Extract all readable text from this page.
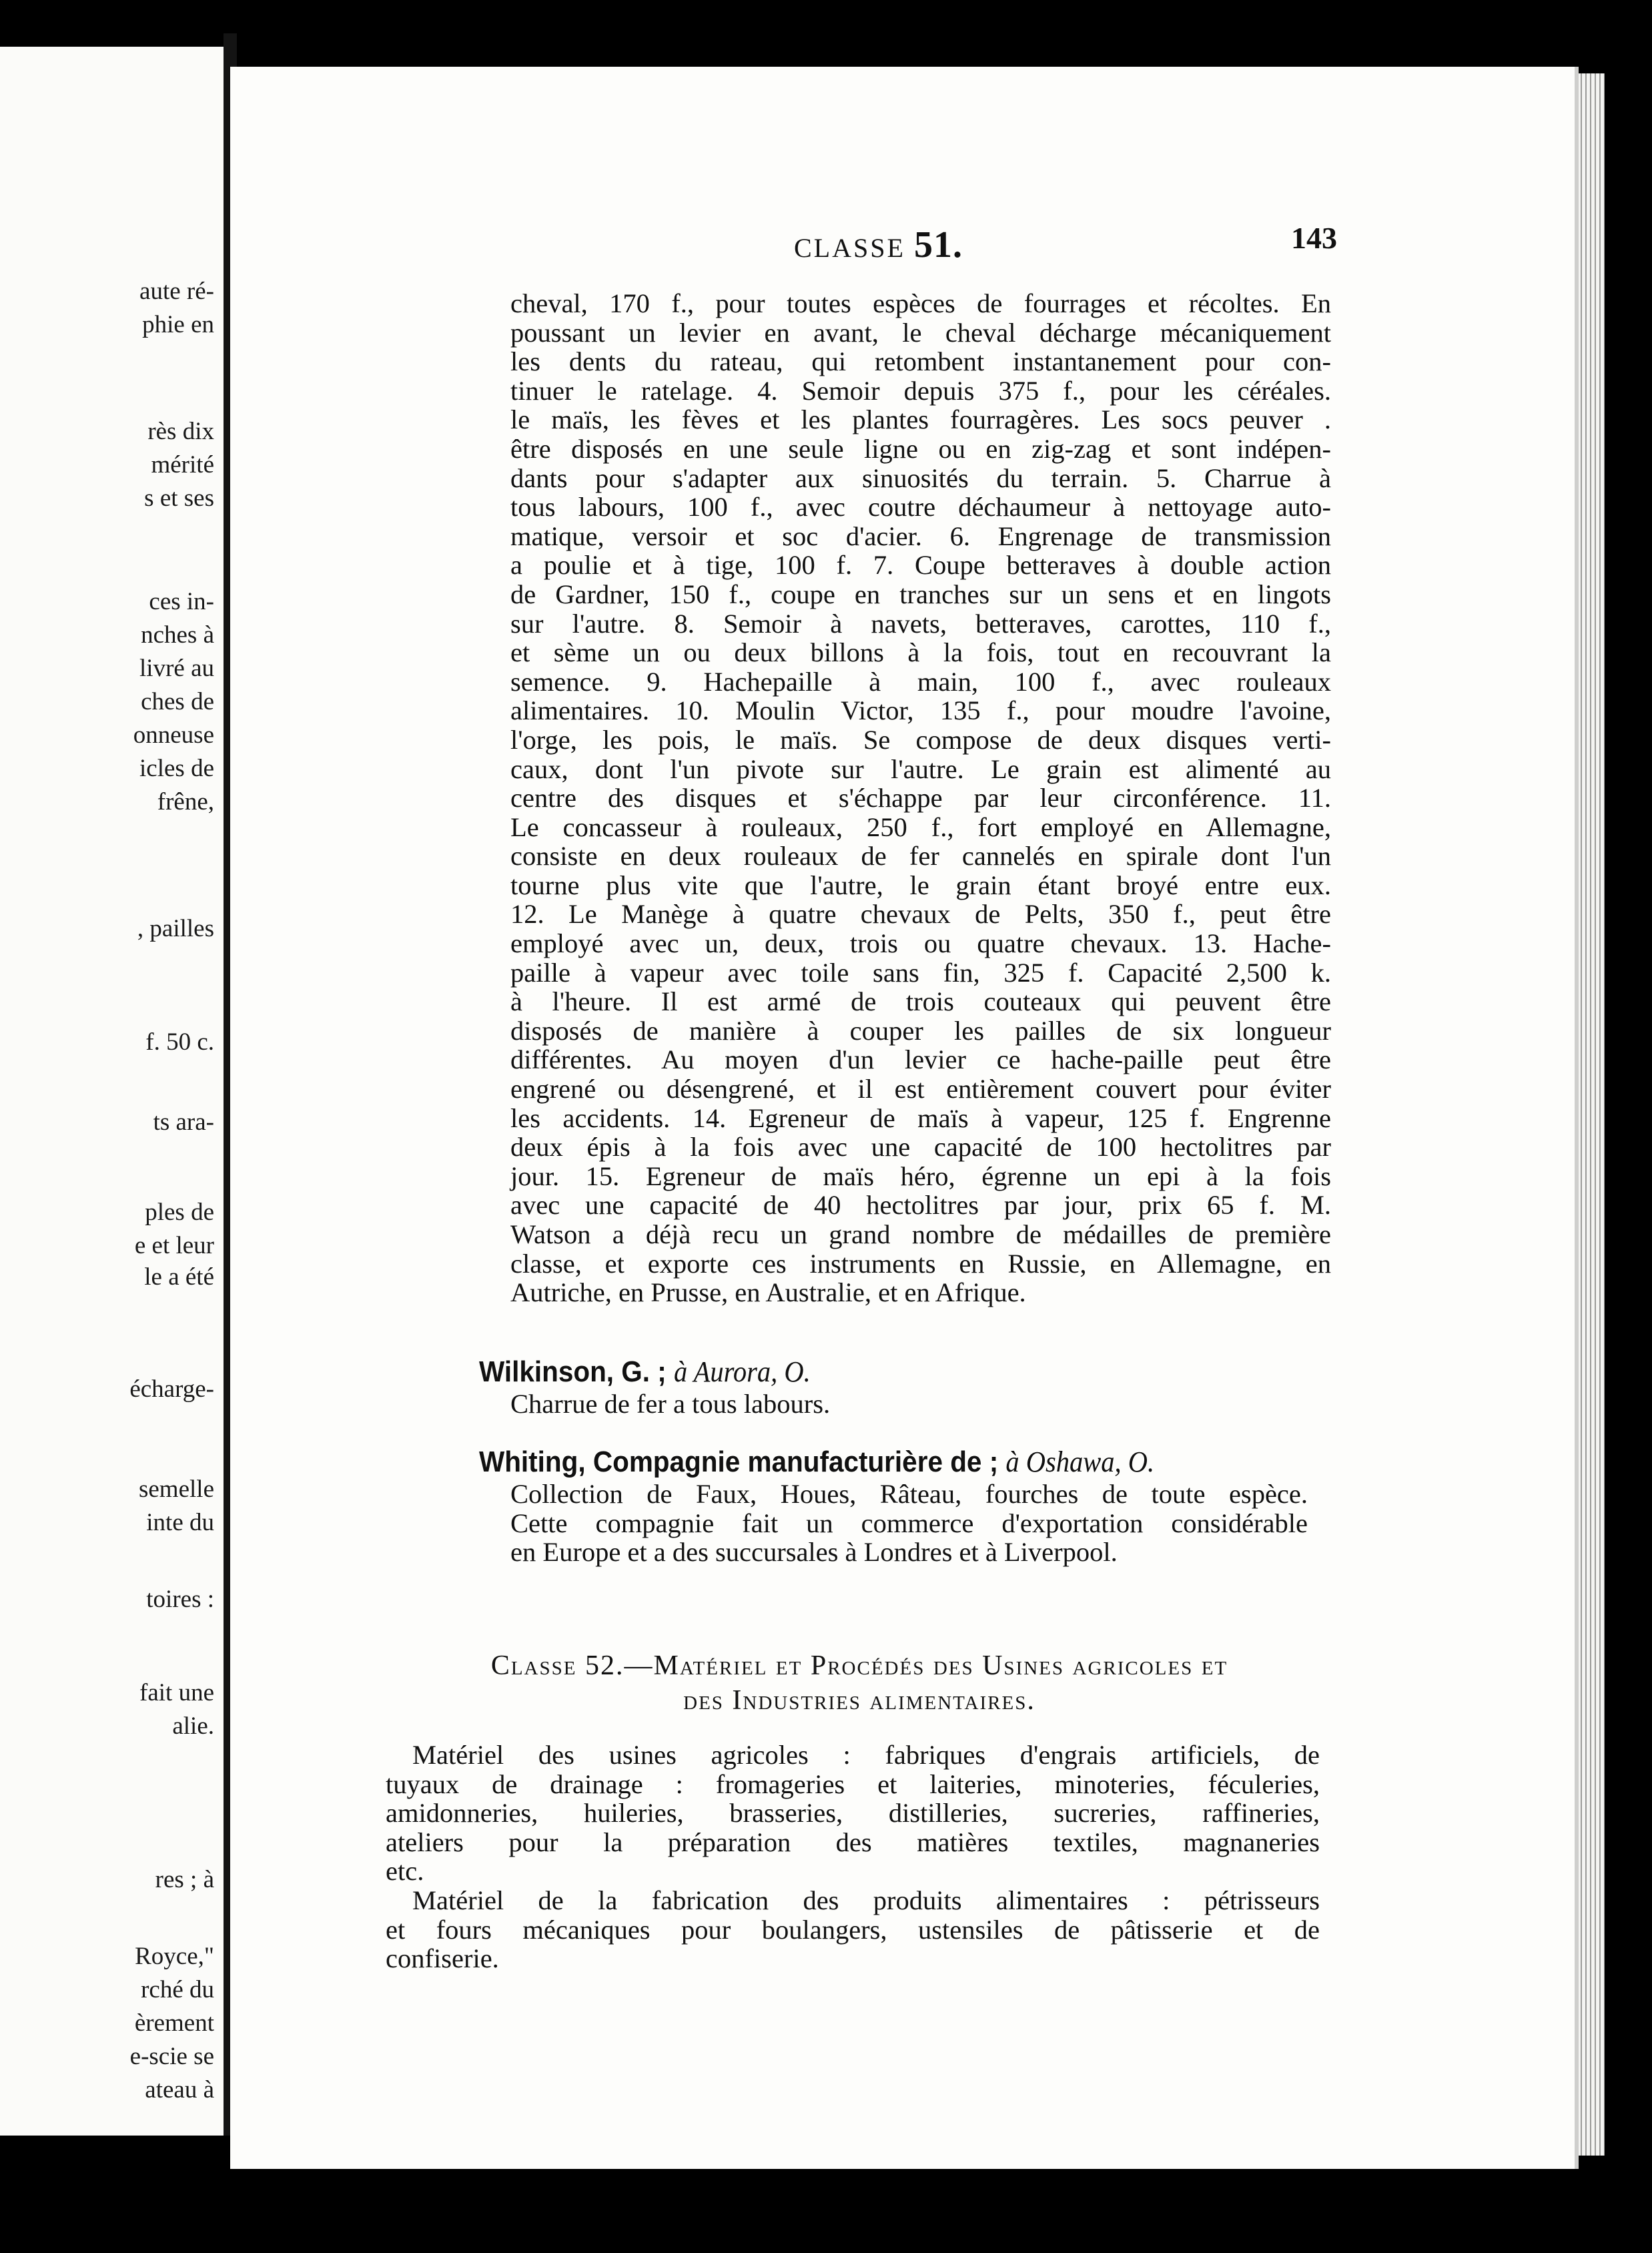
aute ré-
phie en
rès dix
mérité
s et ses
ces in-
nches à
livré au
ches de
onneuse
icles de
frêne,
, pailles
f. 50 c.
ts ara-
ples de
e et leur
le a été
écharge-
semelle
inte du
toires :
fait une
alie.
res ; à
Royce,"
rché du
èrement
e-scie se
ateau à
CLASSE 51.	143
cheval, 170 f., pour toutes espèces de fourrages et récoltes. En
poussant un levier en avant, le cheval décharge mécaniquement
les dents du rateau, qui retombent instantanement pour con-
tinuer le ratelage. 4. Semoir depuis 375 f., pour les céréales.
le maïs, les fèves et les plantes fourragères. Les socs peuver .
être disposés en une seule ligne ou en zig-zag et sont indépen-
dants pour s'adapter aux sinuosités du terrain. 5. Charrue à
tous labours, 100 f., avec coutre déchaumeur à nettoyage auto-
matique, versoir et soc d'acier. 6. Engrenage de transmission
a poulie et à tige, 100 f. 7. Coupe betteraves à double action
de Gardner, 150 f., coupe en tranches sur un sens et en lingots
sur l'autre. 8. Semoir à navets, betteraves, carottes, 110 f.,
et sème un ou deux billons à la fois, tout en recouvrant la
semence. 9. Hachepaille à main, 100 f., avec rouleaux
alimentaires. 10. Moulin Victor, 135 f., pour moudre l'avoine,
l'orge, les pois, le maïs. Se compose de deux disques verti-
caux, dont l'un pivote sur l'autre. Le grain est alimenté au
centre des disques et s'échappe par leur circonférence. 11.
Le concasseur à rouleaux, 250 f., fort employé en Allemagne,
consiste en deux rouleaux de fer cannelés en spirale dont l'un
tourne plus vite que l'autre, le grain étant broyé entre eux.
12. Le Manège à quatre chevaux de Pelts, 350 f., peut être
employé avec un, deux, trois ou quatre chevaux. 13. Hache-
paille à vapeur avec toile sans fin, 325 f. Capacité 2,500 k.
à l'heure. Il est armé de trois couteaux qui peuvent être
disposés de manière à couper les pailles de six longueur
différentes. Au moyen d'un levier ce hache-paille peut être
engrené ou désengrené, et il est entièrement couvert pour éviter
les accidents. 14. Egreneur de maïs à vapeur, 125 f. Engrenne
deux épis à la fois avec une capacité de 100 hectolitres par
jour. 15. Egreneur de maïs héro, égrenne un epi à la fois
avec une capacité de 40 hectolitres par jour, prix 65 f. M.
Watson a déjà recu un grand nombre de médailles de première
classe, et exporte ces instruments en Russie, en Allemagne, en
Autriche, en Prusse, en Australie, et en Afrique.
Wilkinson, G. ; à Aurora, O.
Charrue de fer a tous labours.
Whiting, Compagnie manufacturière de ; à Oshawa, O.
Collection de Faux, Houes, Râteau, fourches de toute espèce.
Cette compagnie fait un commerce d'exportation considérable
en Europe et a des succursales à Londres et à Liverpool.
Classe 52.—Matériel et Procédés des Usines agricoles et
des Industries alimentaires.
Matériel des usines agricoles : fabriques d'engrais artificiels, de
tuyaux de drainage : fromageries et laiteries, minoteries, féculeries,
amidonneries, huileries, brasseries, distilleries, sucreries, raffineries,
ateliers pour la préparation des matières textiles, magnaneries
etc.
Matériel de la fabrication des produits alimentaires : pétrisseurs
et fours mécaniques pour boulangers, ustensiles de pâtisserie et de
confiserie.
